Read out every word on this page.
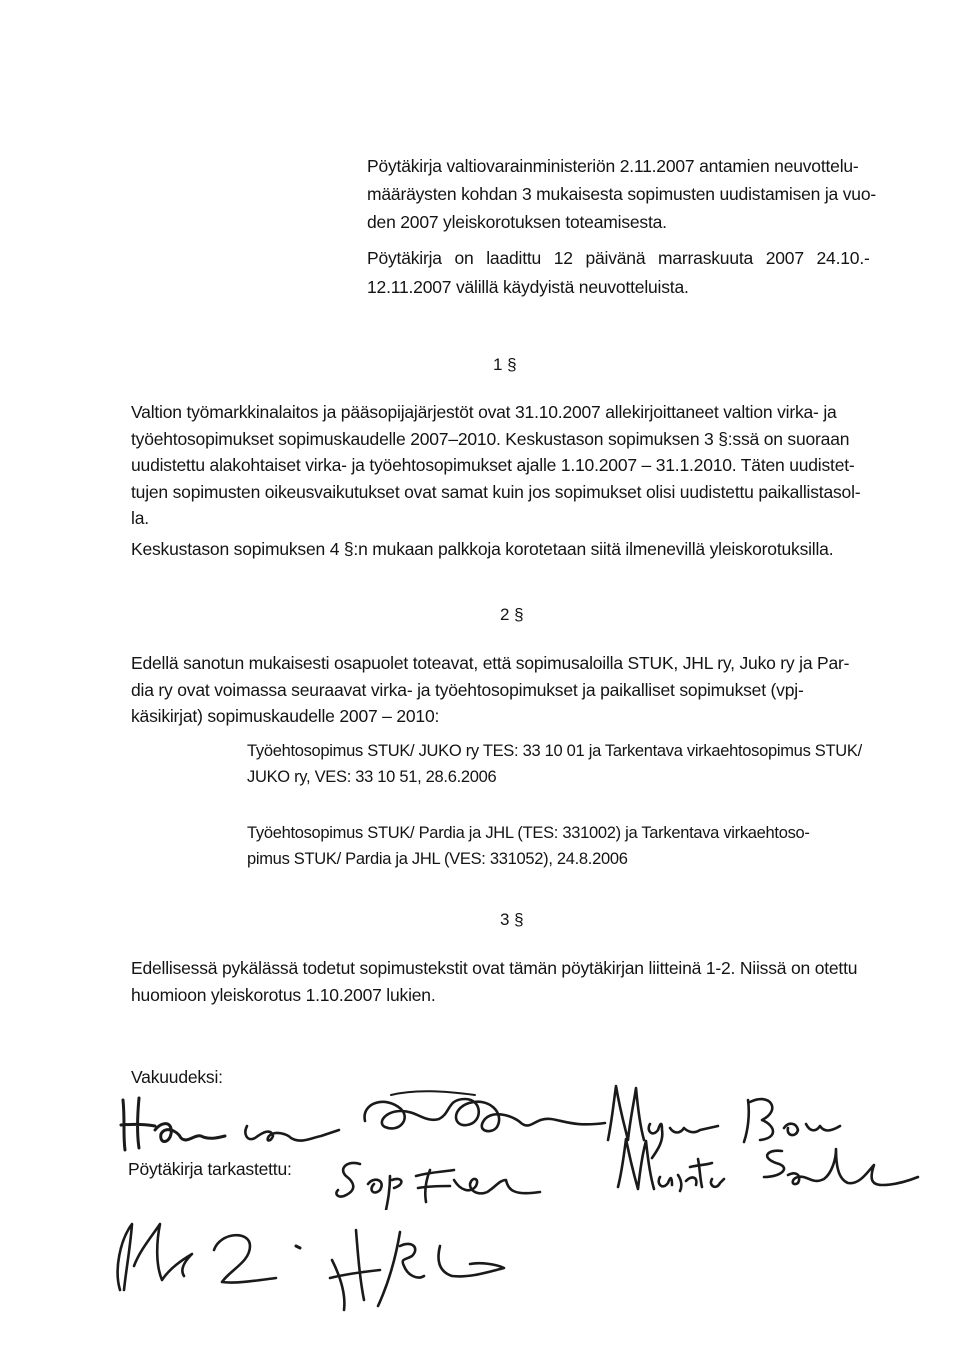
Pöytäkirja valtiovarainministeriön 2.11.2007 antamien neuvottelu-
määräysten kohdan 3 mukaisesta sopimusten uudistamisen ja vuo-
den 2007 yleiskorotuksen toteamisesta.
Pöytäkirja on laadittu 12 päivänä marraskuuta 2007 24.10.-
12.11.2007 välillä käydyistä neuvotteluista.
1 §
Valtion työmarkkinalaitos ja pääsopijajärjestöt ovat 31.10.2007 allekirjoittaneet valtion virka- ja
työehtosopimukset sopimuskaudelle 2007–2010. Keskustason sopimuksen 3 §:ssä on suoraan
uudistettu alakohtaiset virka- ja työehtosopimukset ajalle 1.10.2007 – 31.1.2010. Täten uudistet-
tujen sopimusten oikeusvaikutukset ovat samat kuin jos sopimukset olisi uudistettu paikallistasol-
la.
Keskustason sopimuksen 4 §:n mukaan palkkoja korotetaan siitä ilmenevillä yleiskorotuksilla.
2 §
Edellä sanotun mukaisesti osapuolet toteavat, että sopimusaloilla STUK, JHL ry, Juko ry ja Par-
dia ry ovat voimassa seuraavat virka- ja työehtosopimukset ja paikalliset sopimukset (vpj-
käsikirjat) sopimuskaudelle 2007 – 2010:
Työehtosopimus STUK/ JUKO ry TES: 33 10 01 ja Tarkentava virkaehtosopimus STUK/
JUKO ry, VES: 33 10 51, 28.6.2006
Työehtosopimus STUK/ Pardia ja JHL (TES: 331002) ja Tarkentava virkaehtoso-
pimus STUK/ Pardia ja JHL (VES: 331052), 24.8.2006
3 §
Edellisessä pykälässä todetut sopimustekstit ovat tämän pöytäkirjan liitteinä 1-2. Niissä on otettu
huomioon yleiskorotus 1.10.2007 lukien.
Vakuudeksi:
Pöytäkirja tarkastettu:
